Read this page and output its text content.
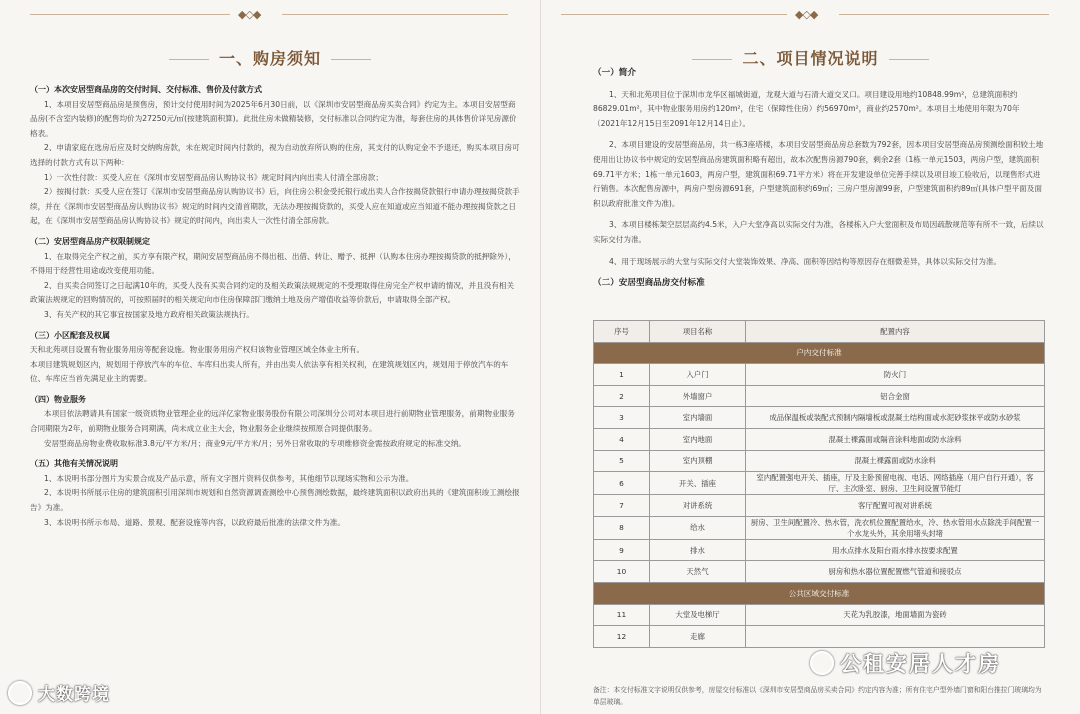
◆◇◆
一、购房须知
（一）本次安居型商品房的交付时间、交付标准、售价及付款方式

1、本项目安居型商品房是预售房，预计交付使用时间为2025年6月30日前，以《深圳市安居型商品房买卖合同》约定为主。本项目安居型商品房(不含室内装修)的配售均价为27250元/㎡(按建筑面积算)。此批住房未做精装修，交付标准以合同约定为准，每套住房的具体售价详见房源价格表。

2、申请家庭在选房后应及时交纳购房款，未在规定时间内付款的，视为自动放弃所认购的住房，其支付的认购定金不予退还，购买本项目房可选择的付款方式有以下两种：

1）一次性付款：买受人应在《深圳市安居型商品房认购协议书》规定时间内向出卖人付清全部房款；

2）按揭付款：买受人应在签订《深圳市安居型商品房认购协议书》后，向住房公积金受托银行或出卖人合作按揭贷款银行申请办理按揭贷款手续，并在《深圳市安居型商品房认购协议书》规定的时间内交清首期款，无法办理按揭贷款的，买受人应在知道或应当知道不能办理按揭贷款之日起，在《深圳市安居型商品房认购协议书》规定的时间内，向出卖人一次性付清全部房款。

（二）安居型商品房产权限制规定

1、在取得完全产权之前，买方享有限产权，期间安居型商品房不得出租、出借、转让、赠予、抵押（认购本住房办理按揭贷款的抵押除外），不得用于经营性用途或改变使用功能。

2、自买卖合同签订之日起满10年的，买受人没有买卖合同约定的及相关政策法规规定的不受理取得住房完全产权申请的情况，并且没有相关政策法规规定的回购情况的，可按照届时的相关规定向市住房保障部门缴纳土地及房产增值收益等价款后，申请取得全部产权。

3、有关产权的其它事宜按国家及地方政府相关政策法规执行。

（三）小区配套及权属

天和北苑项目设置有物业服务用房等配套设施。物业服务用房产权归该物业管理区域全体业主所有。

本项目建筑规划区内，规划用于停放汽车的车位、车库归出卖人所有，并由出卖人依法享有相关权利，在建筑规划区内，规划用于停放汽车的车位、车库应当首先满足业主的需要。

（四）物业服务

本项目依法聘请具有国家一级资质物业管理企业的远洋亿家物业服务股份有限公司深圳分公司对本项目进行前期物业管理服务，前期物业服务合同期限为2年，前期物业服务合同期满，尚未成立业主大会，物业服务企业继续按照原合同提供服务。

安居型商品房物业费收取标准3.8元/平方米/月；商业9元/平方米/月；另外日常收取的专项维修资金需按政府规定的标准交纳。

（五）其他有关情况说明

1、本说明书部分图片为实景合成及产品示意，所有文字图片资料仅供参考，其他细节以现场实物和公示为准。

2、本说明书所展示住房的建筑面积引用深圳市规划和自然资源调查测绘中心预售测绘数据，最终建筑面积以政府出具的《建筑面积竣工测绘报告》为准。

3、本说明书所示布局、道路、景观、配套设施等内容，以政府最后批准的法律文件为准。

◆◇◆
二、项目情况说明
（一）简介

1、天和北苑项目位于深圳市龙华区福城街道，龙观大道与石清大道交叉口。项目建设用地约10848.99m²，总建筑面积约86829.01m²，其中物业服务用房约120m²，住宅（保障性住房）约56970m²，商业约2570m²。本项目土地使用年限为70年（2021年12月15日至2091年12月14日止）。

2、本项目建设的安居型商品房，共一栋3座塔楼，本项目安居型商品房总套数为792套，因本项目安居型商品房预测绘面积较土地使用出让协议书中规定的安居型商品房建筑面积略有超出，故本次配售房源790套，剩余2套（1栋一单元1503，两房户型，建筑面积69.71平方米；1栋一单元1603，两房户型，建筑面积69.71平方米）将在开发建设单位完善手续以及项目竣工验收后，以现售形式进行销售。本次配售房源中，两房户型房源691套，户型建筑面积约69㎡；三房户型房源99套，户型建筑面积约89㎡(具体户型平面及面积以政府批准文件为准)。

3、本项目楼栋架空层层高约4.5米，入户大堂净高以实际交付为准，各楼栋入户大堂面积及布局因疏散规范等有所不一致，后续以实际交付为准。

4、用于现场展示的大堂与实际交付大堂装饰效果、净高、面积等因结构等原因存在细微差异，具体以实际交付为准。

（二）安居型商品房交付标准
序号	项目名称	配置内容
户内交付标准		
1	入户门	防火门
2	外墙窗户	铝合金窗
3	室内墙面	成品保温板或装配式预制内隔墙板或混凝土结构面或水泥砂浆抹平或防水砂浆
4	室内地面	混凝土裸露面或隔音涂料地面或防水涂料
5	室内顶棚	混凝土裸露面或防水涂料
6	开关、插座	室内配置强电开关、插座，厅及主卧预留电视、电话、网络插座（用户自行开通），客厅、主次卧室、厨房、卫生间设置节能灯
7	对讲系统	客厅配置可视对讲系统
8	给水	厨房、卫生间配置冷、热水管，洗衣机位置配置给水，冷、热水管用水点除洗手间配置一个水龙头外，其余用堵头封堵
9	排水	用水点排水及阳台雨水排水按要求配置
10	天然气	厨房和热水器位置配置燃气管道和接驳点
公共区域交付标准		
11	大堂及电梯厅	天花为乳胶漆，地面墙面为瓷砖
12	走廊	
备注：本交付标准文字说明仅供参考，房屋交付标准以《深圳市安居型商品房买卖合同》约定内容为准；所有住宅户型外墙门窗和阳台推拉门玻璃均为单层玻璃。
大数跨境
公租安居人才房
